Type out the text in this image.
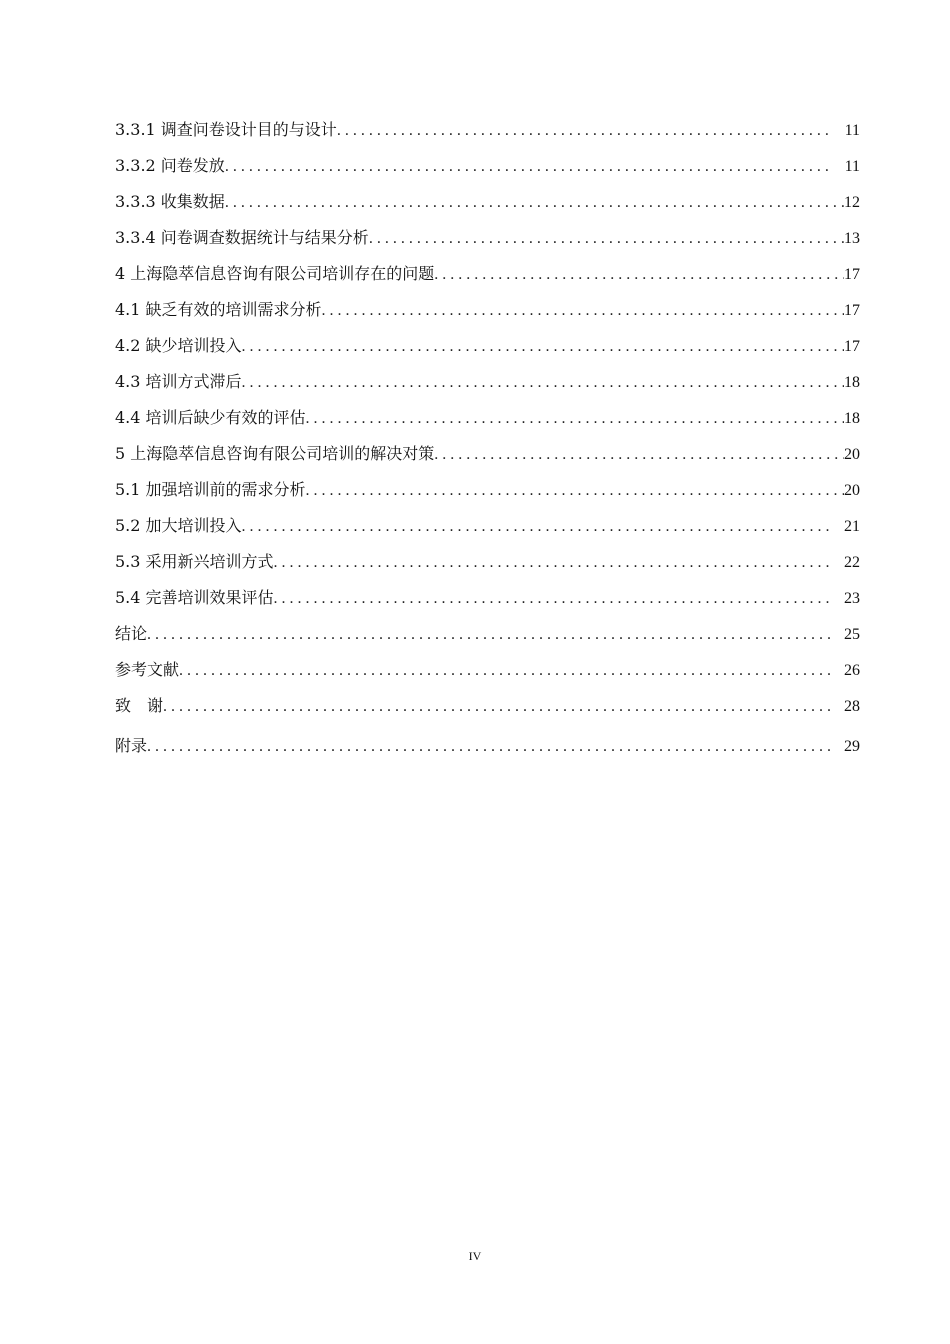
3.3.1 调查问卷设计目的与设计 . . .	11
3.3.2 问卷发放 . . .	11
3.3.3 收集数据 . . .	12
3.3.4 问卷调查数据统计与结果分析 . . .	13
4 上海隐萃信息咨询有限公司培训存在的问题 . . .	17
4.1 缺乏有效的培训需求分析 . . .	17
4.2 缺少培训投入 . . .	17
4.3 培训方式滞后 . . .	18
4.4 培训后缺少有效的评估 . . .	18
5 上海隐萃信息咨询有限公司培训的解决对策 . . .	20
5.1 加强培训前的需求分析 . . .	20
5.2 加大培训投入 . . .	21
5.3 采用新兴培训方式 . . .	22
5.4 完善培训效果评估 . . .	23
结论 . . .	25
参考文献 . . .	26
致　谢 . . .	28
附录 . . .	29
IV
